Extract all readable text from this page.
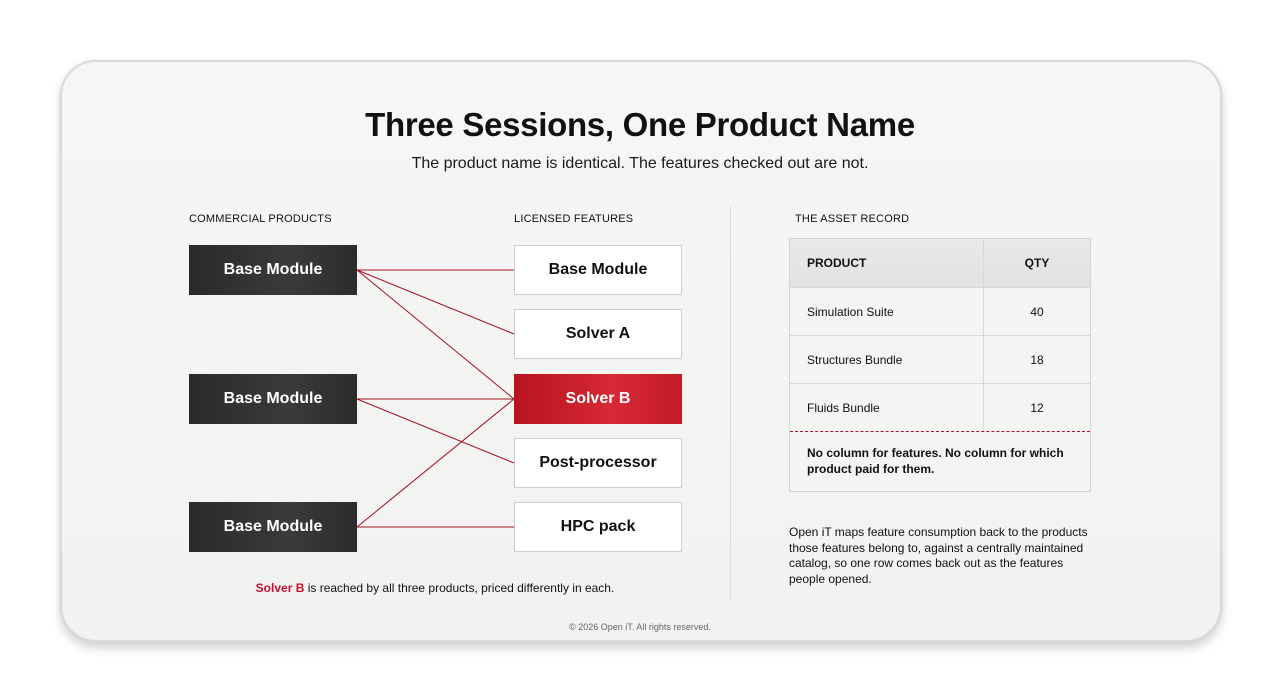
Three Sessions, One Product Name
The product name is identical. The features checked out are not.
COMMERCIAL PRODUCTS	LICENSED FEATURES	THE ASSET RECORD
Base Module
Base Module
Base Module
Base Module
Solver A
Solver B
Post-processor
HPC pack
Solver B is reached by all three products, priced differently in each.
PRODUCT	QTY
Simulation Suite	40
Structures Bundle	18
Fluids Bundle	12
No column for features. No column for which product paid for them.
Open iT maps feature consumption back to the products those features belong to, against a centrally maintained catalog, so one row comes back out as the features people opened.
© 2026 Open iT. All rights reserved.
